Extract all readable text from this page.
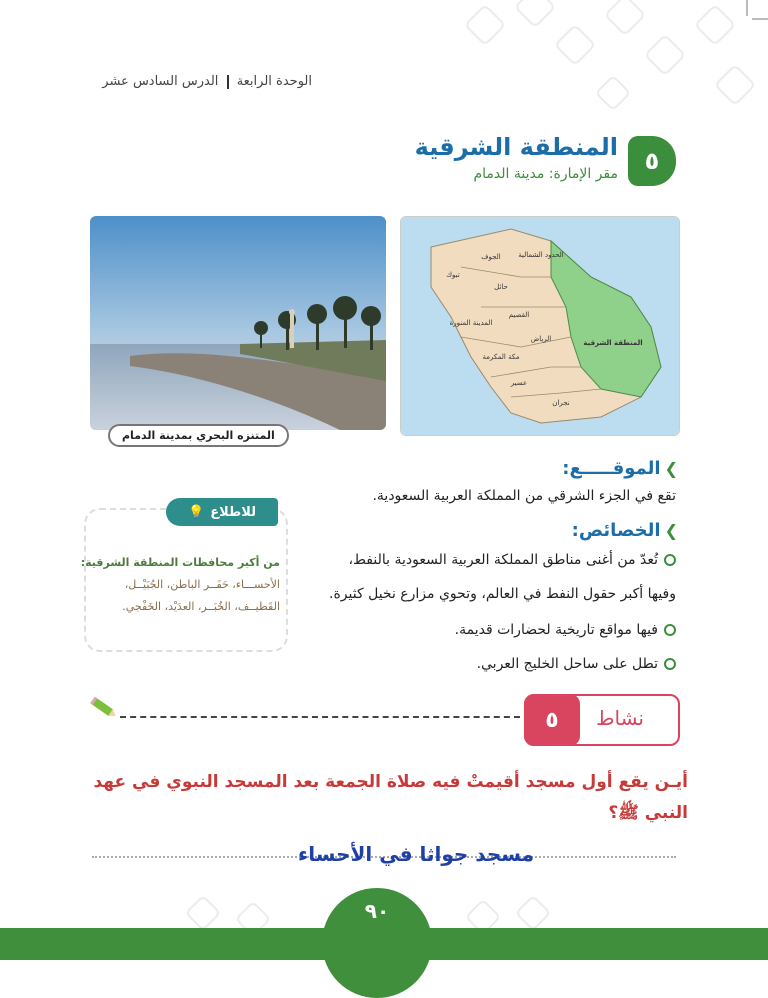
الوحدة الرابعة  الدرس السادس عشر
٥
المنطقة الشرقية
مقر الإمارة: مدينة الدمام
المتنزه البحري بمدينة الدمام
الجوف	الحدود الشمالية
تبوك
حائل
القصيم
المدينة المنورة
الرياض	المنطقة الشرقية
مكة المكرمة
عسير
نجران
❯الموقـــــع:
تقع في الجزء الشرقي من المملكة العربية السعودية.
❯الخصائص:
تُعدّ من أغنى مناطق المملكة العربية السعودية بالنفط،
وفيها أكبر حقول النفط في العالم، وتحوي مزارع نخيل كثيرة.
فيها مواقع تاريخية لحضارات قديمة.
تطل على ساحل الخليج العربي.
للاطلاع
💡
من أكبر محافظات المنطقة الشرقية:
الأحســـاء، حَفَــر الباطن، الجُبَيْــل،
القَطيــف، الخُبَــر، العدَيْد، الخَفْجي.
٥	نشاط
أيـن يقع أول مسجد أقيمتْ فيه صلاة الجمعة بعد المسجد النبوي في عهد
النبي ﷺ؟
مسجد جواثا في الأحساء
٩٠
